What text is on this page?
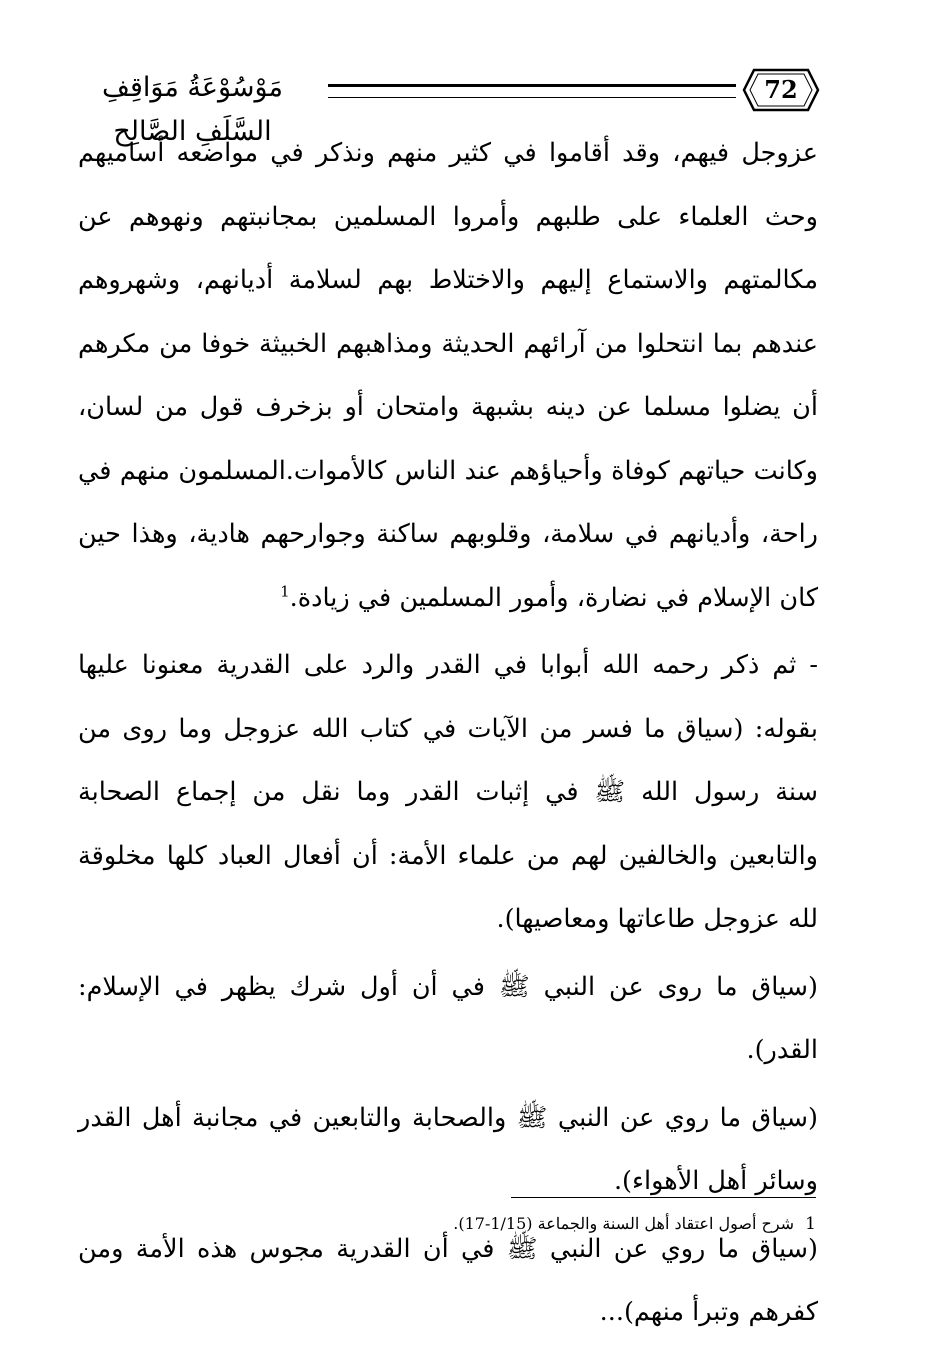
مَوْسُوْعَةُ مَوَاقِفِ السَّلَفِ الصَّالِح
72

عزوجل فيهم، وقد أقاموا في كثير منهم ونذكر في مواضعه أساميهم وحث العلماء على طلبهم وأمروا المسلمين بمجانبتهم ونهوهم عن مكالمتهم والاستماع إليهم والاختلاط بهم لسلامة أديانهم، وشهروهم عندهم بما انتحلوا من آرائهم الحديثة ومذاهبهم الخبيثة خوفا من مكرهم أن يضلوا مسلما عن دينه بشبهة وامتحان أو بزخرف قول من لسان، وكانت حياتهم كوفاة وأحياؤهم عند الناس كالأموات.المسلمون منهم في راحة، وأديانهم في سلامة، وقلوبهم ساكنة وجوارحهم هادية، وهذا حين كان الإسلام في نضارة، وأمور المسلمين في زيادة.$^1$

- ثم ذكر رحمه الله أبوابا في القدر والرد على القدرية معنونا عليها بقوله: (سياق ما فسر من الآيات في كتاب الله عزوجل وما روى من سنة رسول الله ﷺ في إثبات القدر وما نقل من إجماع الصحابة والتابعين والخالفين لهم من علماء الأمة: أن أفعال العباد كلها مخلوقة لله عزوجل طاعاتها ومعاصيها).

(سياق ما روى عن النبي ﷺ في أن أول شرك يظهر في الإسلام: القدر).

(سياق ما روي عن النبي ﷺ والصحابة والتابعين في مجانبة أهل القدر وسائر أهل الأهواء).

(سياق ما روي عن النبي ﷺ في أن القدرية مجوس هذه الأمة ومن كفرهم وتبرأ منهم)...

1 شرح أصول اعتقاد أهل السنة والجماعة (1/15-17).
